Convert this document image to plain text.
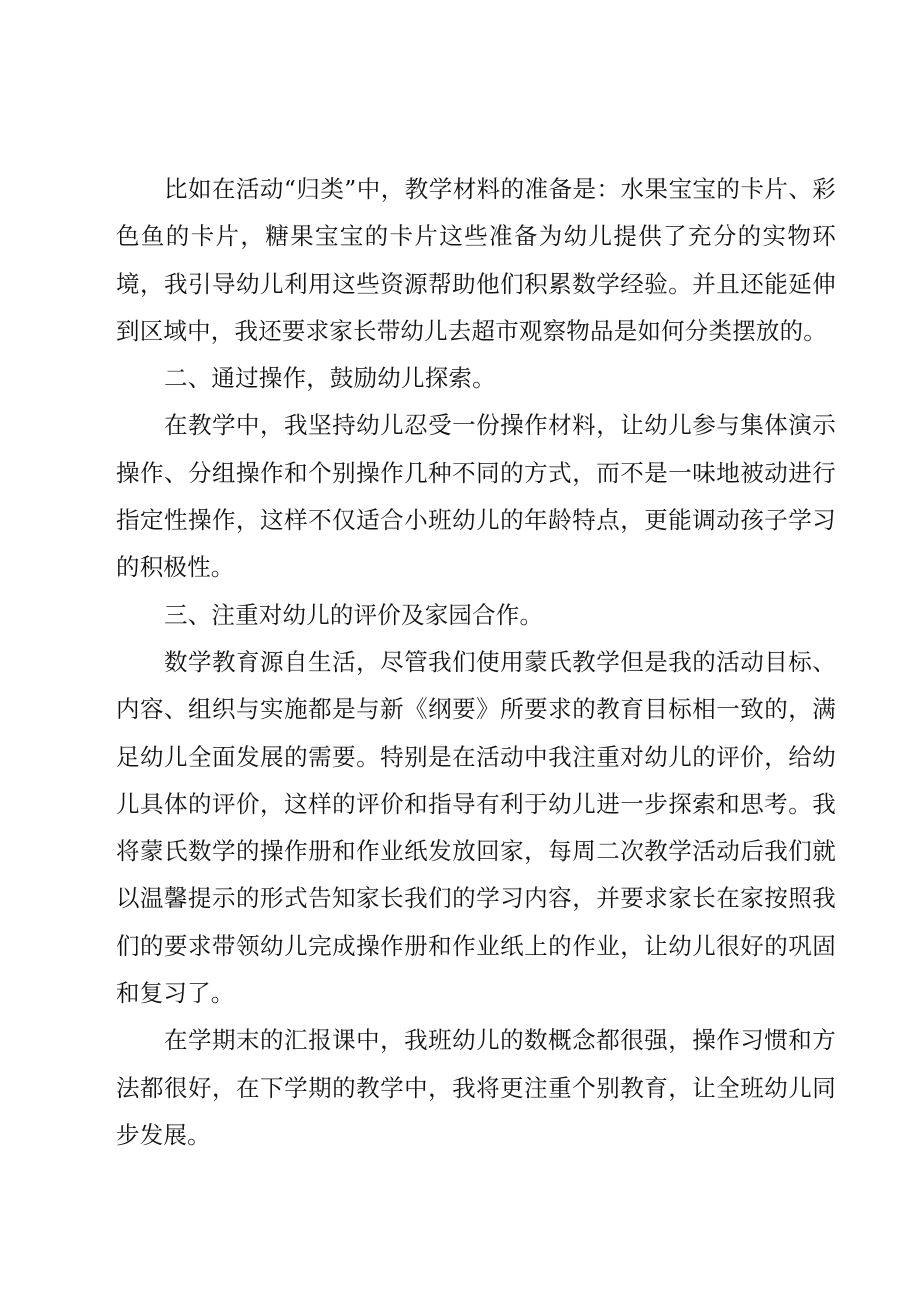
比如在活动“归类”中，教学材料的准备是：水果宝宝的卡片、彩色鱼的卡片，糖果宝宝的卡片这些准备为幼儿提供了充分的实物环境，我引导幼儿利用这些资源帮助他们积累数学经验。并且还能延伸到区域中，我还要求家长带幼儿去超市观察物品是如何分类摆放的。

二、通过操作，鼓励幼儿探索。

在教学中，我坚持幼儿忍受一份操作材料，让幼儿参与集体演示操作、分组操作和个别操作几种不同的方式，而不是一味地被动进行指定性操作，这样不仅适合小班幼儿的年龄特点，更能调动孩子学习的积极性。

三、注重对幼儿的评价及家园合作。

数学教育源自生活，尽管我们使用蒙氏教学但是我的活动目标、内容、组织与实施都是与新《纲要》所要求的教育目标相一致的，满足幼儿全面发展的需要。特别是在活动中我注重对幼儿的评价，给幼儿具体的评价，这样的评价和指导有利于幼儿进一步探索和思考。我将蒙氏数学的操作册和作业纸发放回家，每周二次教学活动后我们就以温馨提示的形式告知家长我们的学习内容，并要求家长在家按照我们的要求带领幼儿完成操作册和作业纸上的作业，让幼儿很好的巩固和复习了。

在学期末的汇报课中，我班幼儿的数概念都很强，操作习惯和方法都很好，在下学期的教学中，我将更注重个别教育，让全班幼儿同步发展。
